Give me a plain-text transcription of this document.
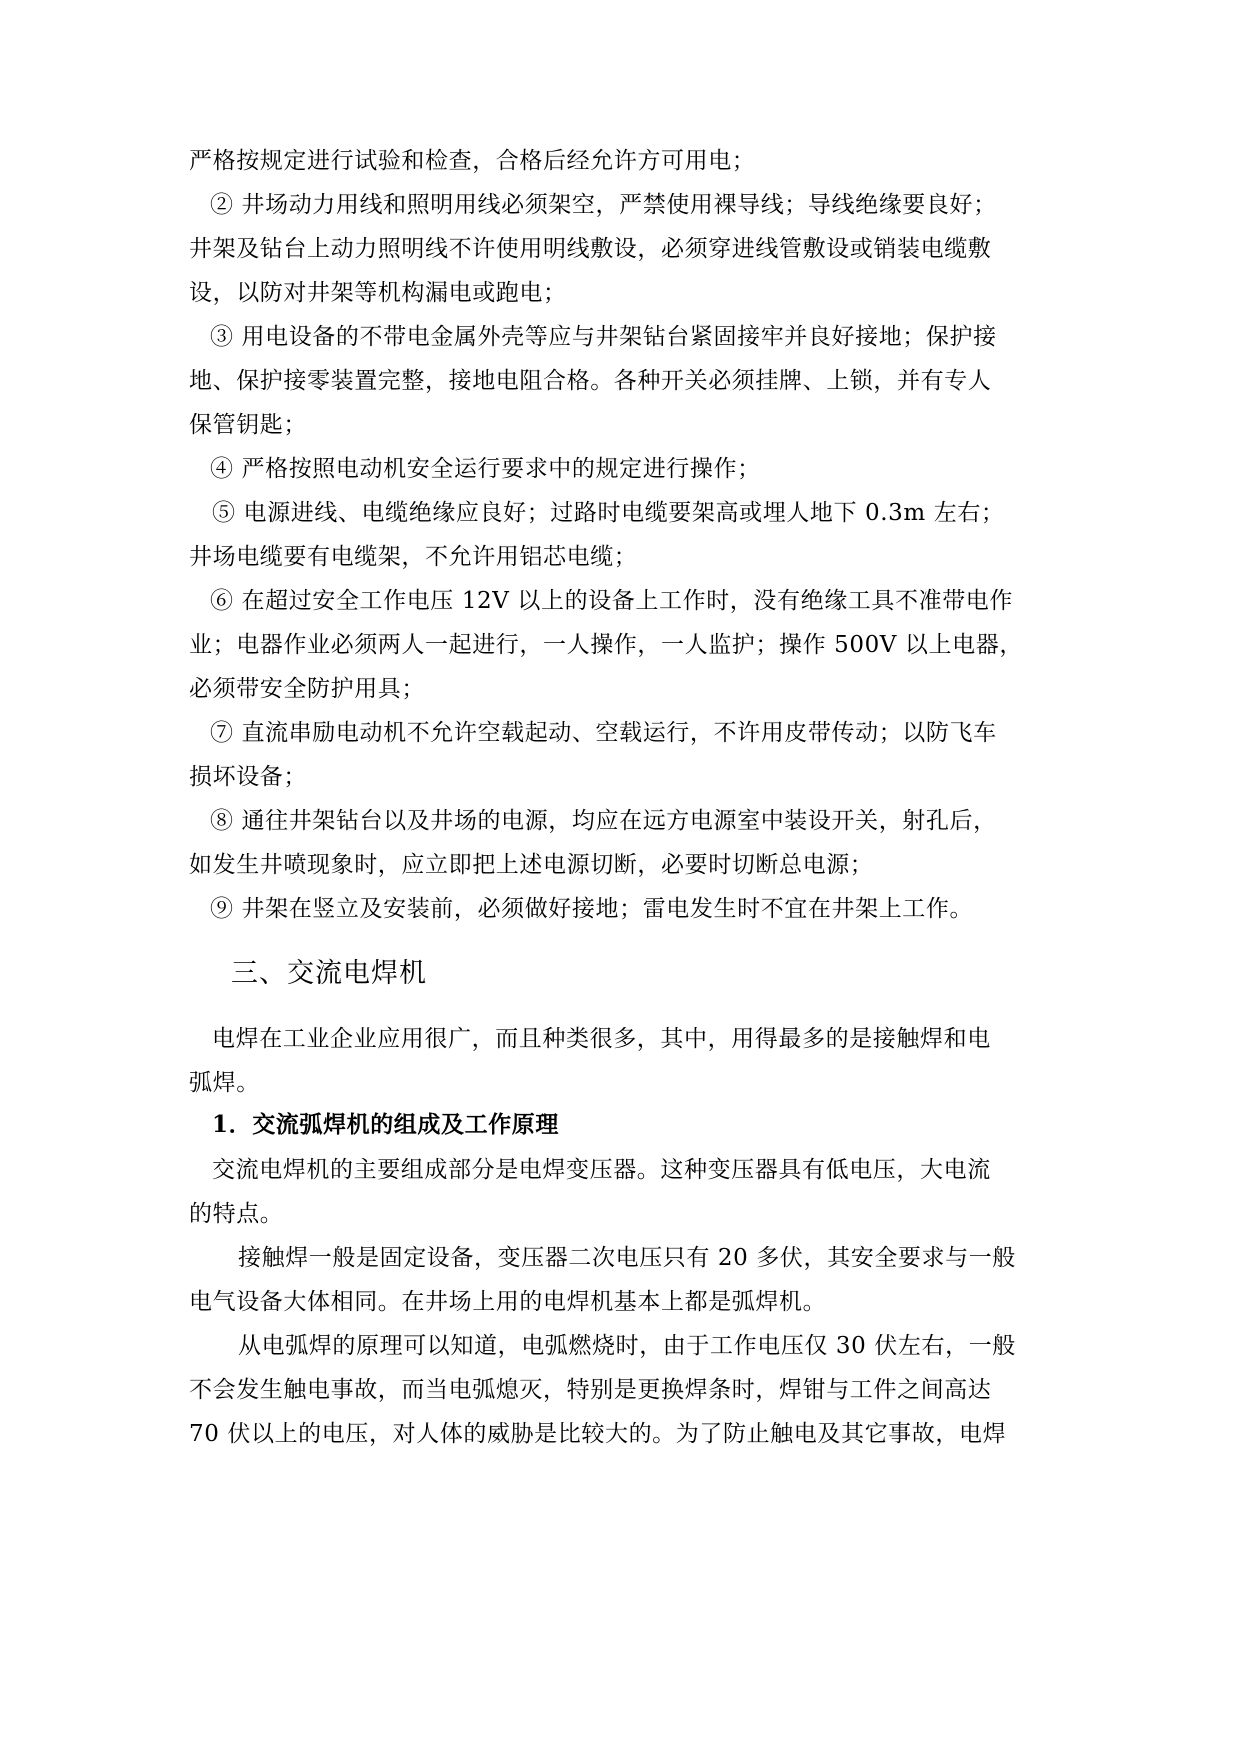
严格按规定进行试验和检查，合格后经允许方可用电；
② 井场动力用线和照明用线必须架空，严禁使用裸导线；导线绝缘要良好；
井架及钻台上动力照明线不许使用明线敷设，必须穿进线管敷设或销装电缆敷
设，以防对井架等机构漏电或跑电；
③ 用电设备的不带电金属外壳等应与井架钻台紧固接牢并良好接地；保护接
地、保护接零装置完整，接地电阻合格。各种开关必须挂牌、上锁，并有专人
保管钥匙；
④ 严格按照电动机安全运行要求中的规定进行操作；
⑤ 电源进线、电缆绝缘应良好；过路时电缆要架高或埋人地下 0.3m 左右；
井场电缆要有电缆架，不允许用铝芯电缆；
⑥ 在超过安全工作电压 12V 以上的设备上工作时，没有绝缘工具不准带电作
业；电器作业必须两人一起进行，一人操作，一人监护；操作 500V 以上电器，
必须带安全防护用具；
⑦ 直流串励电动机不允许空载起动、空载运行，不许用皮带传动；以防飞车
损坏设备；
⑧ 通往井架钻台以及井场的电源，均应在远方电源室中装设开关，射孔后，
如发生井喷现象时，应立即把上述电源切断，必要时切断总电源；
⑨ 井架在竖立及安装前，必须做好接地；雷电发生时不宜在井架上工作。
三、交流电焊机
电焊在工业企业应用很广，而且种类很多，其中，用得最多的是接触焊和电
弧焊。
1．交流弧焊机的组成及工作原理
交流电焊机的主要组成部分是电焊变压器。这种变压器具有低电压，大电流
的特点。
接触焊一般是固定设备，变压器二次电压只有 20 多伏，其安全要求与一般
电气设备大体相同。在井场上用的电焊机基本上都是弧焊机。
从电弧焊的原理可以知道，电弧燃烧时，由于工作电压仅 30 伏左右，一般
不会发生触电事故，而当电弧熄灭，特别是更换焊条时，焊钳与工件之间高达
70 伏以上的电压，对人体的威胁是比较大的。为了防止触电及其它事故，电焊
